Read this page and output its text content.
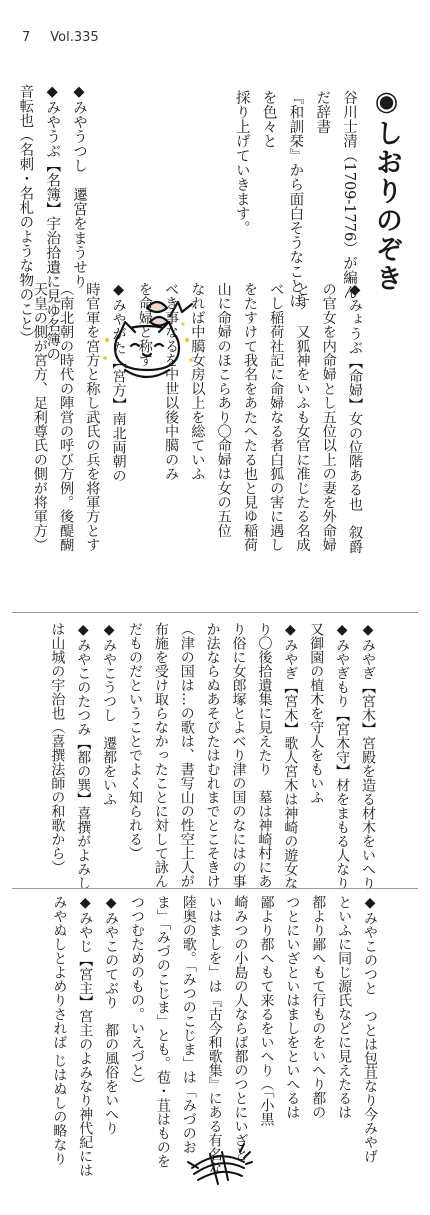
7 Vol.335
◉しおりのぞき
谷川士清（1709-1776）が編んだ辞書
『和訓栞』から面白そうなことばを色々と
採り上げていきます。
◆みやうつし　遷宮をまうせり
◆みやうぶ【名簿】宇治拾遺に見ゆ名簿の
音転也（名刺・名札のような物のこと）
◆みょうぶ【命婦】女の位階ある也　叙爵
の官女を内命婦とし五位以上の妻を外命婦
とす　又狐神をいふも女官に准じたる名成
べし稲荷社記に命婦なる者白狐の害に遇し
をたすけて我名をあたへたる也と見ゆ稲荷
山に命婦のほこらあり〇命婦は女の五位
なれば中臈女房以上を総ていふ
べき事なるを中世以後中臈のみ
を命婦と称す
◆みやがた【宮方】南北両朝の
時官軍を宮方と称し武氏の兵を将軍方とす
（南北朝の時代の陣営の呼び方例。後醍醐
天皇の側が宮方、足利尊氏の側が将軍方）
◆みやぎ【宮木】宮殿を造る材木をいへり
◆みやぎもり【宮木守】材をまもる人なり
又御園の植木を守人をもいふ
◆みやぎ【宮木】歌人宮木は神崎の遊女な
り〇後拾遺集に見えたり　墓は神崎村にあ
り俗に女郎塚とよべり津の国のなにはの事
か法ならぬあそびたはむれまでとこそきけ
（津の国は…の歌は、書写山の性空上人が
布施を受け取らなかったことに対して詠ん
だものだということでよく知られる）
◆みやこうつし　遷都をいふ
◆みやこのたつみ【都の巽】喜撰がよみし
は山城の宇治也（喜撰法師の和歌から）
◆みやこのつと　つとは包苴なり今みやげ
といふに同じ源氏などに見えたるは
都より鄙へもて行ものをいへり都の
つとにいざといはましをといへるは
鄙より都へもて来るをいへり（「小黒
崎みつの小島の人ならば都のつとにいざと
いはましを」は『古今和歌集』にある有名な
陸奥の歌。「みつのこじま」は「みづのお
ま」「みづのこじま」とも。苞・苴はものを
つつむためのもの。いえづと）
◆みやこのてぶり　都の風俗をいへり
◆みやじ【宮主】宮主のよみなり神代紀には
みやぬしとよめりされば じはぬしの略なり
